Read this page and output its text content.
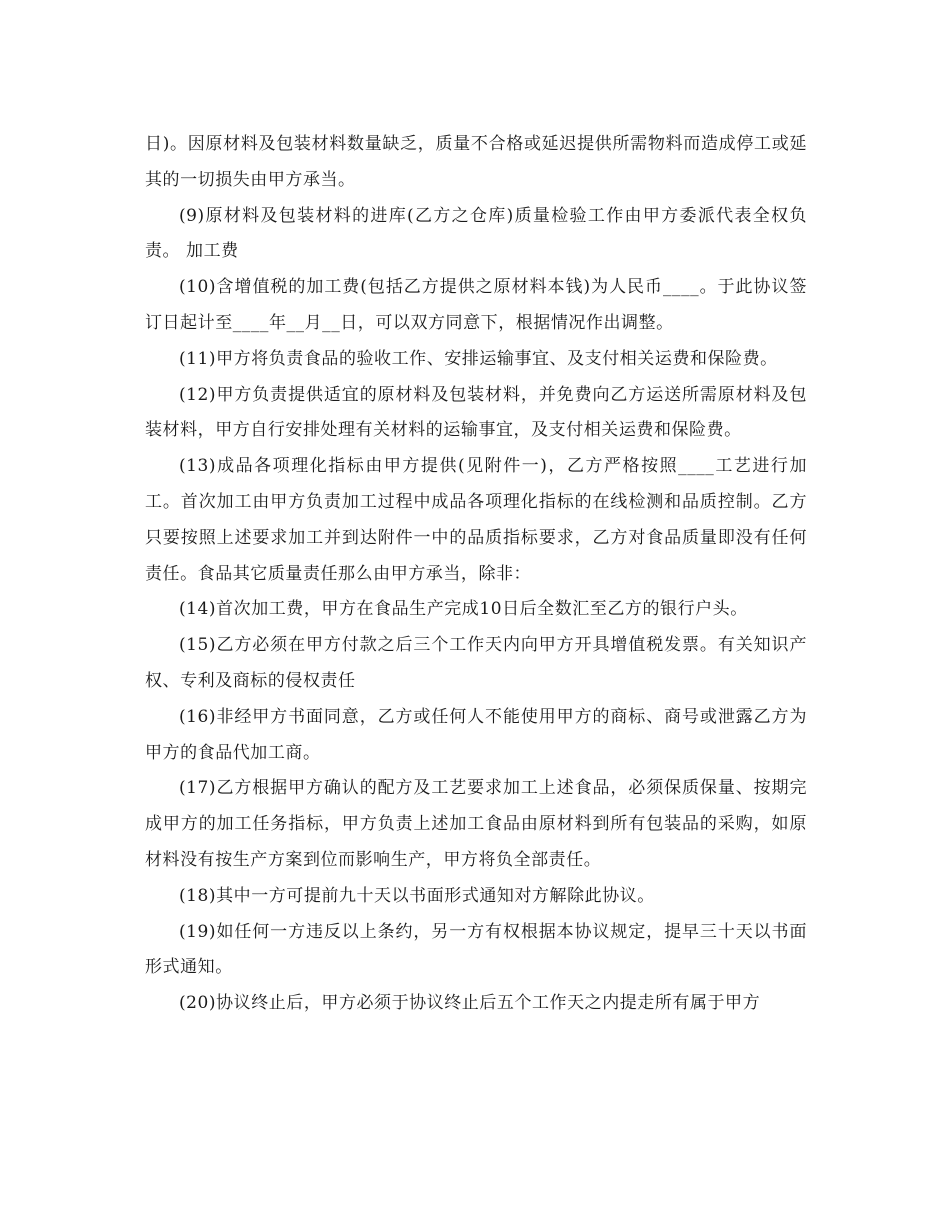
日)。因原材料及包装材料数量缺乏，质量不合格或延迟提供所需物料而造成停工或延其的一切损失由甲方承当。

(9)原材料及包装材料的进库(乙方之仓库)质量检验工作由甲方委派代表全权负责。 加工费

(10)含增值税的加工费(包括乙方提供之原材料本钱)为人民币____。于此协议签订日起计至____年__月__日，可以双方同意下，根据情况作出调整。

(11)甲方将负责食品的验收工作、安排运输事宜、及支付相关运费和保险费。

(12)甲方负责提供适宜的原材料及包装材料，并免费向乙方运送所需原材料及包装材料，甲方自行安排处理有关材料的运输事宜，及支付相关运费和保险费。

(13)成品各项理化指标由甲方提供(见附件一)，乙方严格按照____工艺进行加工。首次加工由甲方负责加工过程中成品各项理化指标的在线检测和品质控制。乙方只要按照上述要求加工并到达附件一中的品质指标要求，乙方对食品质量即没有任何责任。食品其它质量责任那么由甲方承当，除非：

(14)首次加工费，甲方在食品生产完成10日后全数汇至乙方的银行户头。

(15)乙方必须在甲方付款之后三个工作天内向甲方开具增值税发票。有关知识产权、专利及商标的侵权责任

(16)非经甲方书面同意，乙方或任何人不能使用甲方的商标、商号或泄露乙方为甲方的食品代加工商。

(17)乙方根据甲方确认的配方及工艺要求加工上述食品，必须保质保量、按期完成甲方的加工任务指标，甲方负责上述加工食品由原材料到所有包装品的采购，如原材料没有按生产方案到位而影响生产，甲方将负全部责任。

(18)其中一方可提前九十天以书面形式通知对方解除此协议。

(19)如任何一方违反以上条约，另一方有权根据本协议规定，提早三十天以书面形式通知。

(20)协议终止后，甲方必须于协议终止后五个工作天之内提走所有属于甲方
